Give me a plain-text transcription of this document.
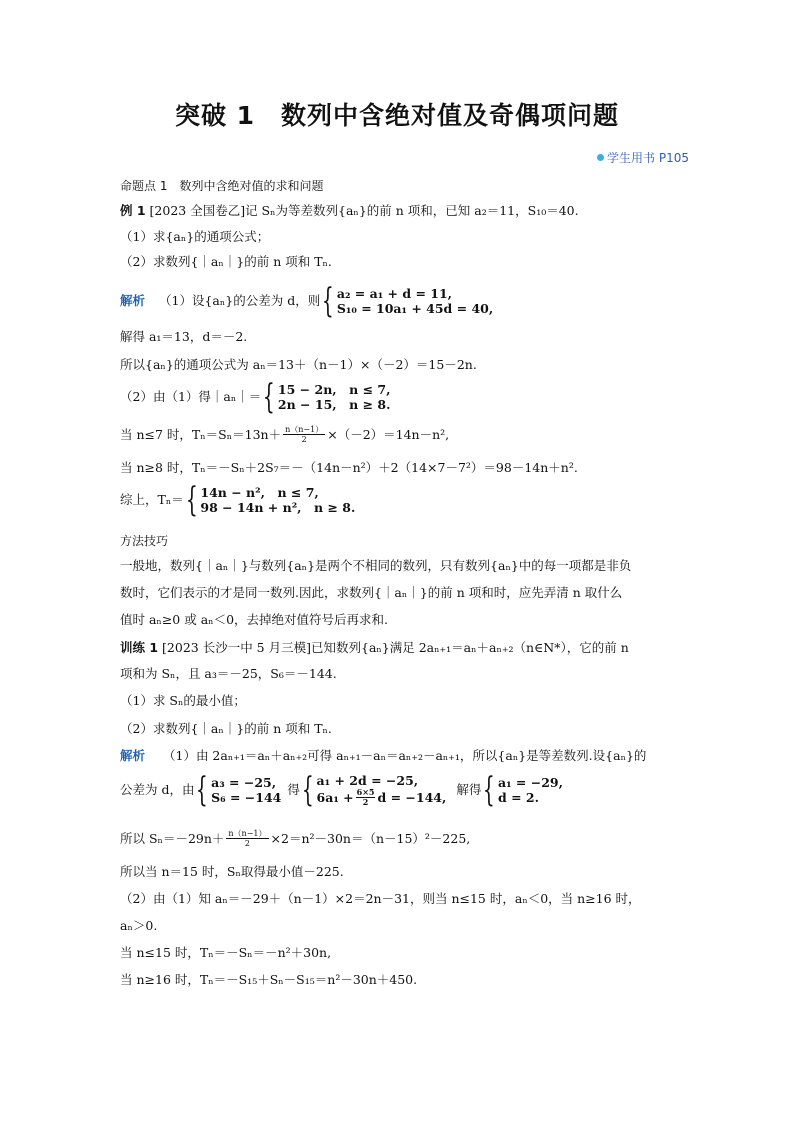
突破 1　数列中含绝对值及奇偶项问题
学生用书 P105
命题点 1　数列中含绝对值的求和问题
例 1 [2023 全国卷乙]记 Sₙ为等差数列{aₙ}的前 n 项和，已知 a₂＝11，S₁₀＝40.
（1）求{aₙ}的通项公式；
（2）求数列{｜aₙ｜}的前 n 项和 Tₙ.
解析 （1）设{aₙ}的公差为 d，则 { a₂ = a₁ + d = 11,
S₁₀ = 10a₁ + 45d = 40,
解得 a₁＝13，d＝－2.
所以{aₙ}的通项公式为 aₙ＝13＋（n－1）×（－2）＝15－2n.
（2）由（1）得｜aₙ｜＝ { 15 − 2n,　n ≤ 7,
2n − 15,　n ≥ 8.
当 n≤7 时，$T_n=S_n=13n+ \frac{n(n-1)}{2} \times(-2)=14n-n^2$,
当 n≥8 时，Tₙ＝－Sₙ＋2S₇＝－（14n－n²）＋2（14×7－7²）＝98－14n＋n².
综上，Tₙ＝ { 14n − n²,　n ≤ 7,
98 − 14n + n²,　n ≥ 8.
方法技巧
一般地，数列{｜aₙ｜}与数列{aₙ}是两个不相同的数列，只有数列{aₙ}中的每一项都是非负
数时，它们表示的才是同一数列.因此，求数列{｜aₙ｜}的前 n 项和时，应先弄清 n 取什么
值时 aₙ≥0 或 aₙ＜0，去掉绝对值符号后再求和.
训练 1 [2023 长沙一中 5 月三模]已知数列{aₙ}满足 2aₙ₊₁＝aₙ＋aₙ₊₂（n∈N*），它的前 n
项和为 Sₙ，且 a₃＝－25，S₆＝－144.
（1）求 Sₙ的最小值；
（2）求数列{｜aₙ｜}的前 n 项和 Tₙ.
解析 （1）由 2aₙ₊₁＝aₙ＋aₙ₊₂可得 aₙ₊₁－aₙ＝aₙ₊₂－aₙ₊₁，所以{aₙ}是等差数列.设{aₙ}的
公差为 d，由 { a₃ = −25,
S₆ = −144
得 { a₁ + 2d = −25,
$6a_1 + \frac{6\times 5}{2}$ d = −144,
解得 { a₁ = −29,
d = 2.
所以 $S_n=-29n+ \frac{n(n-1)}{2} \times 2=n^2-30n=(n-15)^2-225$,
所以当 n＝15 时，Sₙ取得最小值－225.
（2）由（1）知 aₙ＝－29＋（n－1）×2＝2n－31，则当 n≤15 时，aₙ＜0，当 n≥16 时，
aₙ＞0.
当 n≤15 时，Tₙ＝－Sₙ＝－n²＋30n,
当 n≥16 时，Tₙ＝－S₁₅＋Sₙ－S₁₅＝n²－30n＋450.
